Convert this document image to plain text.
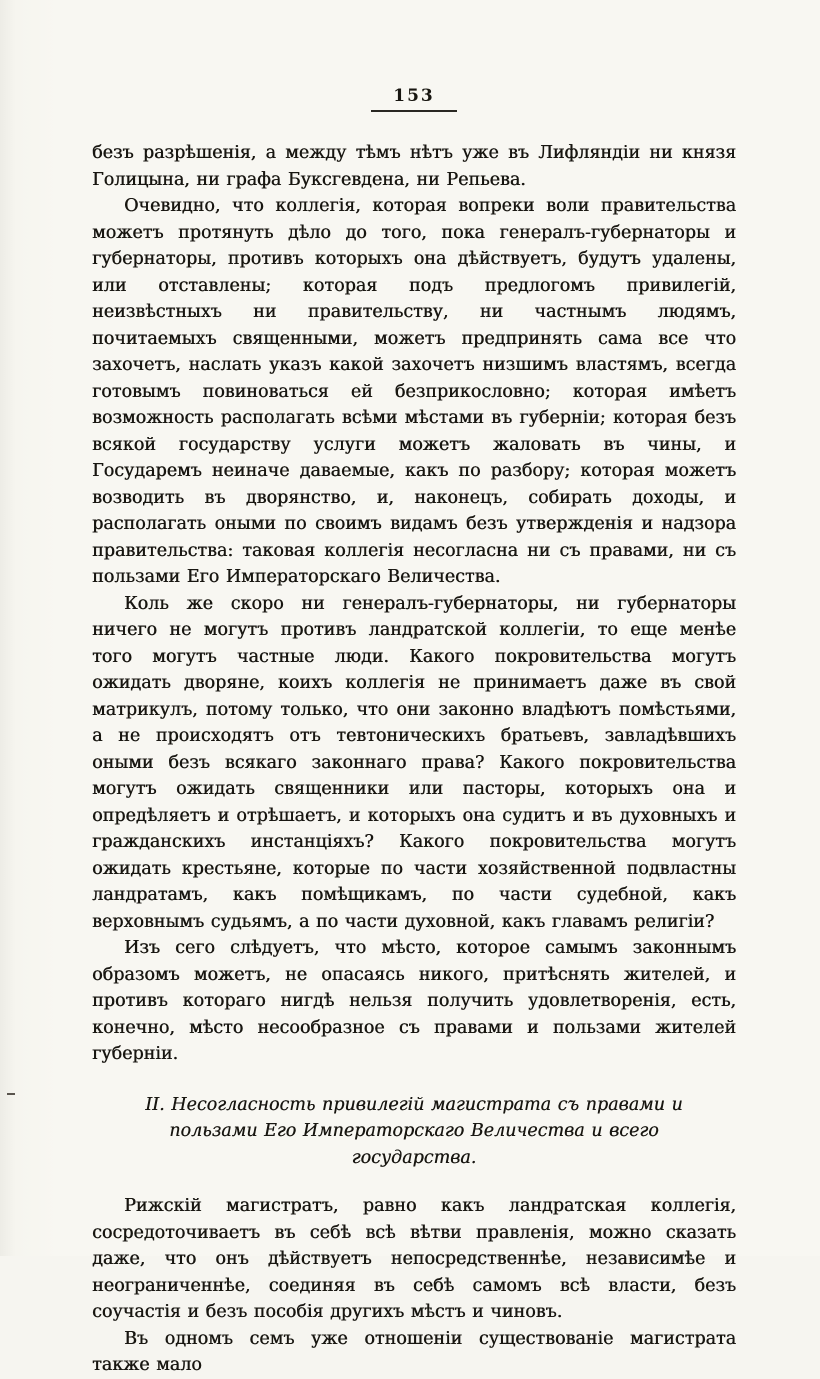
153

безъ разрѣшенія, а между тѣмъ нѣтъ уже въ Лифляндіи ни князя Голицына, ни графа Буксгевдена, ни Репьева.

Очевидно, что коллегія, которая вопреки воли правительства можетъ протянуть дѣло до того, пока генералъ-губернаторы и губернаторы, противъ которыхъ она дѣйствуетъ, будутъ удалены, или отставлены; которая подъ предлогомъ привилегій, неизвѣстныхъ ни правительству, ни частнымъ людямъ, почитаемыхъ священными, можетъ предпринять сама все что захочетъ, наслать указъ какой захочетъ низшимъ властямъ, всегда готовымъ повиноваться ей безприкословно; которая имѣетъ возможность располагать всѣми мѣстами въ губерніи; которая безъ всякой государству услуги можетъ жаловать въ чины, и Государемъ неиначе даваемые, какъ по разбору; которая можетъ возводить въ дворянство, и, наконецъ, собирать доходы, и располагать оными по своимъ видамъ безъ утвержденія и надзора правительства: таковая коллегія несогласна ни съ правами, ни съ пользами Его Императорскаго Величества.

Коль же скоро ни генералъ-губернаторы, ни губернаторы ничего не могутъ противъ ландратской коллегіи, то еще менѣе того могутъ частные люди. Какого покровительства могутъ ожидать дворяне, коихъ коллегія не принимаетъ даже въ свой матрикулъ, потому только, что они законно владѣютъ помѣстьями, а не происходятъ отъ тевтоническихъ братьевъ, завладѣвшихъ оными безъ всякаго законнаго права? Какого покровительства могутъ ожидать священники или пасторы, которыхъ она и опредѣляетъ и отрѣшаетъ, и которыхъ она судитъ и въ духовныхъ и гражданскихъ инстанціяхъ? Какого покровительства могутъ ожидать крестьяне, которые по части хозяйственной подвластны ландратамъ, какъ помѣщикамъ, по части судебной, какъ верховнымъ судьямъ, а по части духовной, какъ главамъ религіи?

Изъ сего слѣдуетъ, что мѣсто, которое самымъ законнымъ образомъ можетъ, не опасаясь никого, притѣснять жителей, и противъ котораго нигдѣ нельзя получить удовлетворенія, есть, конечно, мѣсто несообразное съ правами и пользами жителей губерніи.

II. Несогласность привилегій магистрата съ правами и пользами Его Императорскаго Величества и всего государства.

Рижскій магистратъ, равно какъ ландратская коллегія, сосредоточиваетъ въ себѣ всѣ вѣтви правленія, можно сказать даже, что онъ дѣйствуетъ непосредственнѣе, независимѣе и неограниченнѣе, соединяя въ себѣ самомъ всѣ власти, безъ соучастія и безъ пособія другихъ мѣстъ и чиновъ.

Въ одномъ семъ уже отношеніи существованіе магистрата также мало
